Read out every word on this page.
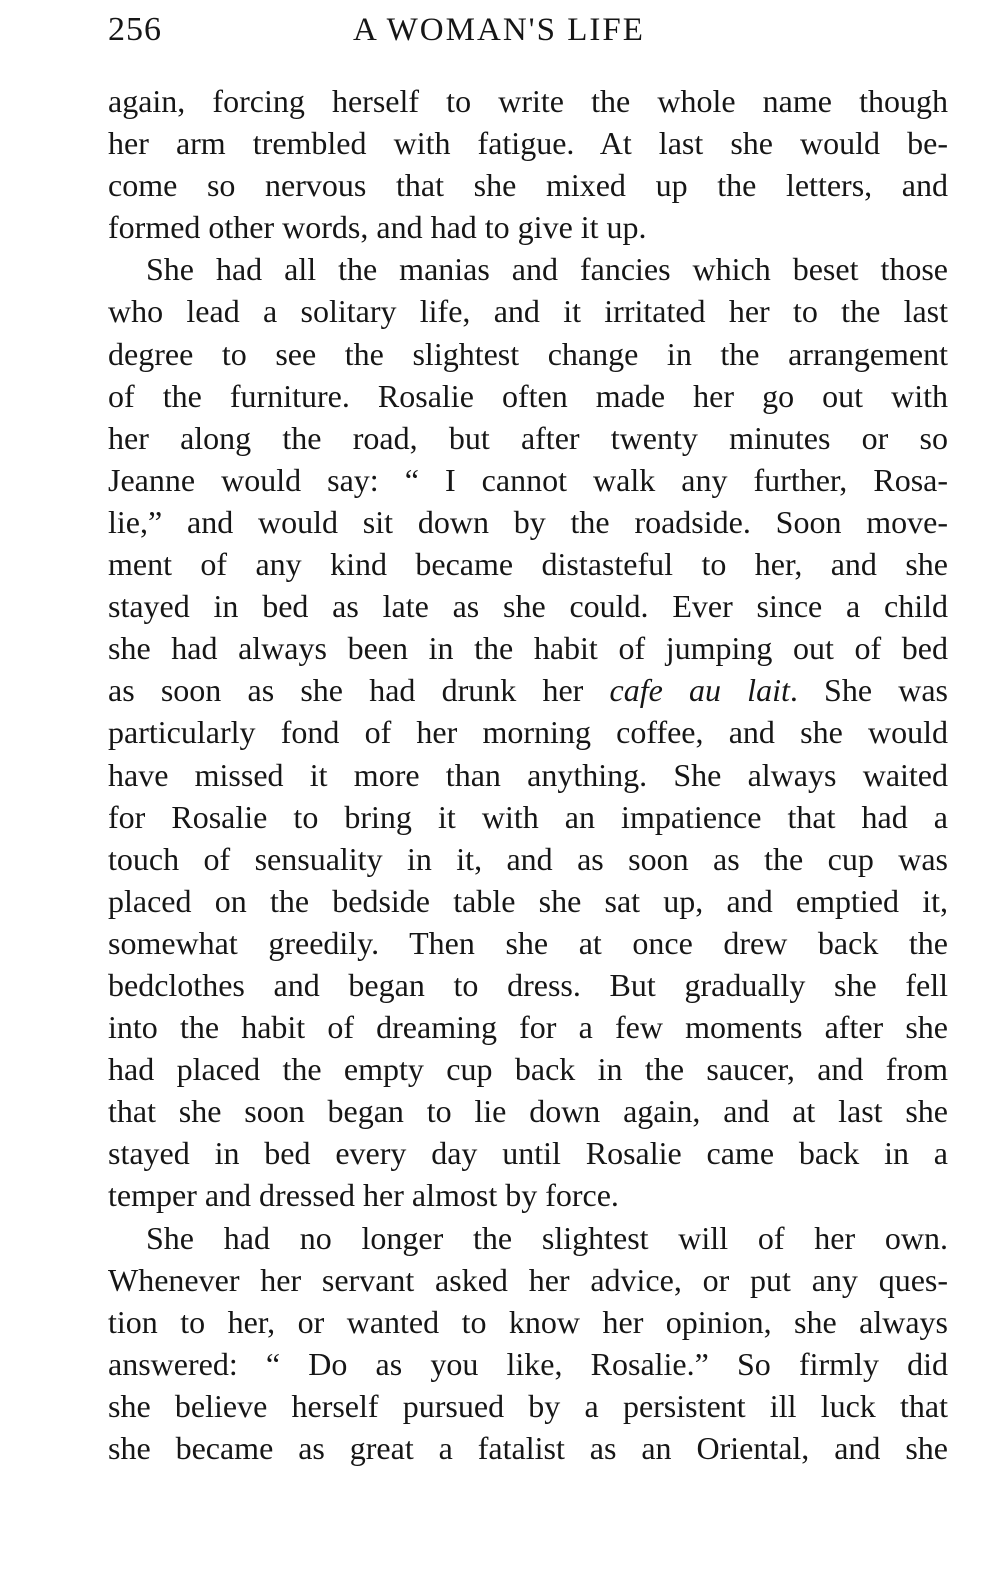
256	A WOMAN'S LIFE
again, forcing herself to write the whole name though
her arm trembled with fatigue. At last she would be-
come so nervous that she mixed up the letters, and
formed other words, and had to give it up.
She had all the manias and fancies which beset those
who lead a solitary life, and it irritated her to the last
degree to see the slightest change in the arrangement
of the furniture. Rosalie often made her go out with
her along the road, but after twenty minutes or so
Jeanne would say: “ I cannot walk any further, Rosa-
lie,” and would sit down by the roadside. Soon move-
ment of any kind became distasteful to her, and she
stayed in bed as late as she could. Ever since a child
she had always been in the habit of jumping out of bed
as soon as she had drunk her cafe au lait. She was
particularly fond of her morning coffee, and she would
have missed it more than anything. She always waited
for Rosalie to bring it with an impatience that had a
touch of sensuality in it, and as soon as the cup was
placed on the bedside table she sat up, and emptied it,
somewhat greedily. Then she at once drew back the
bedclothes and began to dress. But gradually she fell
into the habit of dreaming for a few moments after she
had placed the empty cup back in the saucer, and from
that she soon began to lie down again, and at last she
stayed in bed every day until Rosalie came back in a
temper and dressed her almost by force.
She had no longer the slightest will of her own.
Whenever her servant asked her advice, or put any ques-
tion to her, or wanted to know her opinion, she always
answered: “ Do as you like, Rosalie.” So firmly did
she believe herself pursued by a persistent ill luck that
she became as great a fatalist as an Oriental, and she
